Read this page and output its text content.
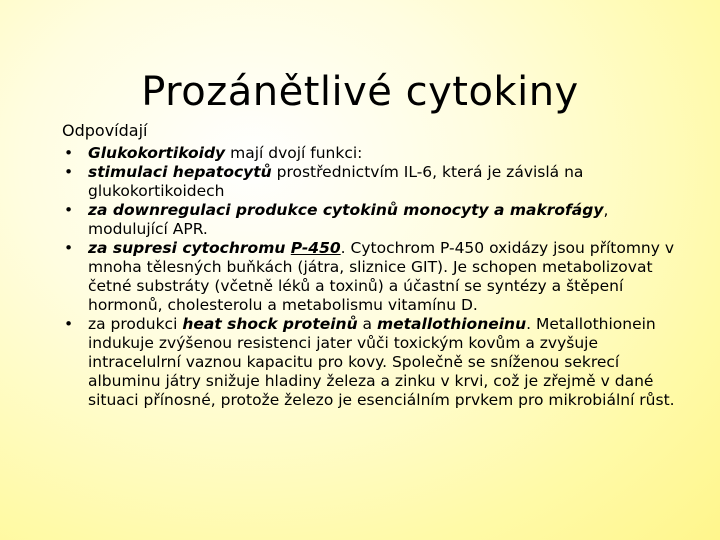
Prozánětlivé cytokiny
Odpovídají
• Glukokortikoidy mají dvojí funkci:
• stimulaci hepatocytů prostřednictvím IL-6, která je závislá na glukokortikoidech
• za downregulaci produkce cytokinů monocyty a makrofágy, modulující APR.
• za supresi cytochromu P-450. Cytochrom P-450 oxidázy jsou přítomny v mnoha tělesných buňkách (játra, sliznice GIT). Je schopen metabolizovat četné substráty (včetně léků a toxinů) a účastní se syntézy a štěpení hormonů, cholesterolu a metabolismu vitamínu D.
• za produkci heat shock proteinů a metallothioneinu. Metallothionein indukuje zvýšenou resistenci jater vůči toxickým kovům a zvyšuje intracelulrní vaznou kapacitu pro kovy. Společně se sníženou sekrecí albuminu játry snižuje hladiny železa a zinku v krvi, což je zřejmě v dané situaci přínosné, protože železo je esenciálním prvkem pro mikrobiální růst.
